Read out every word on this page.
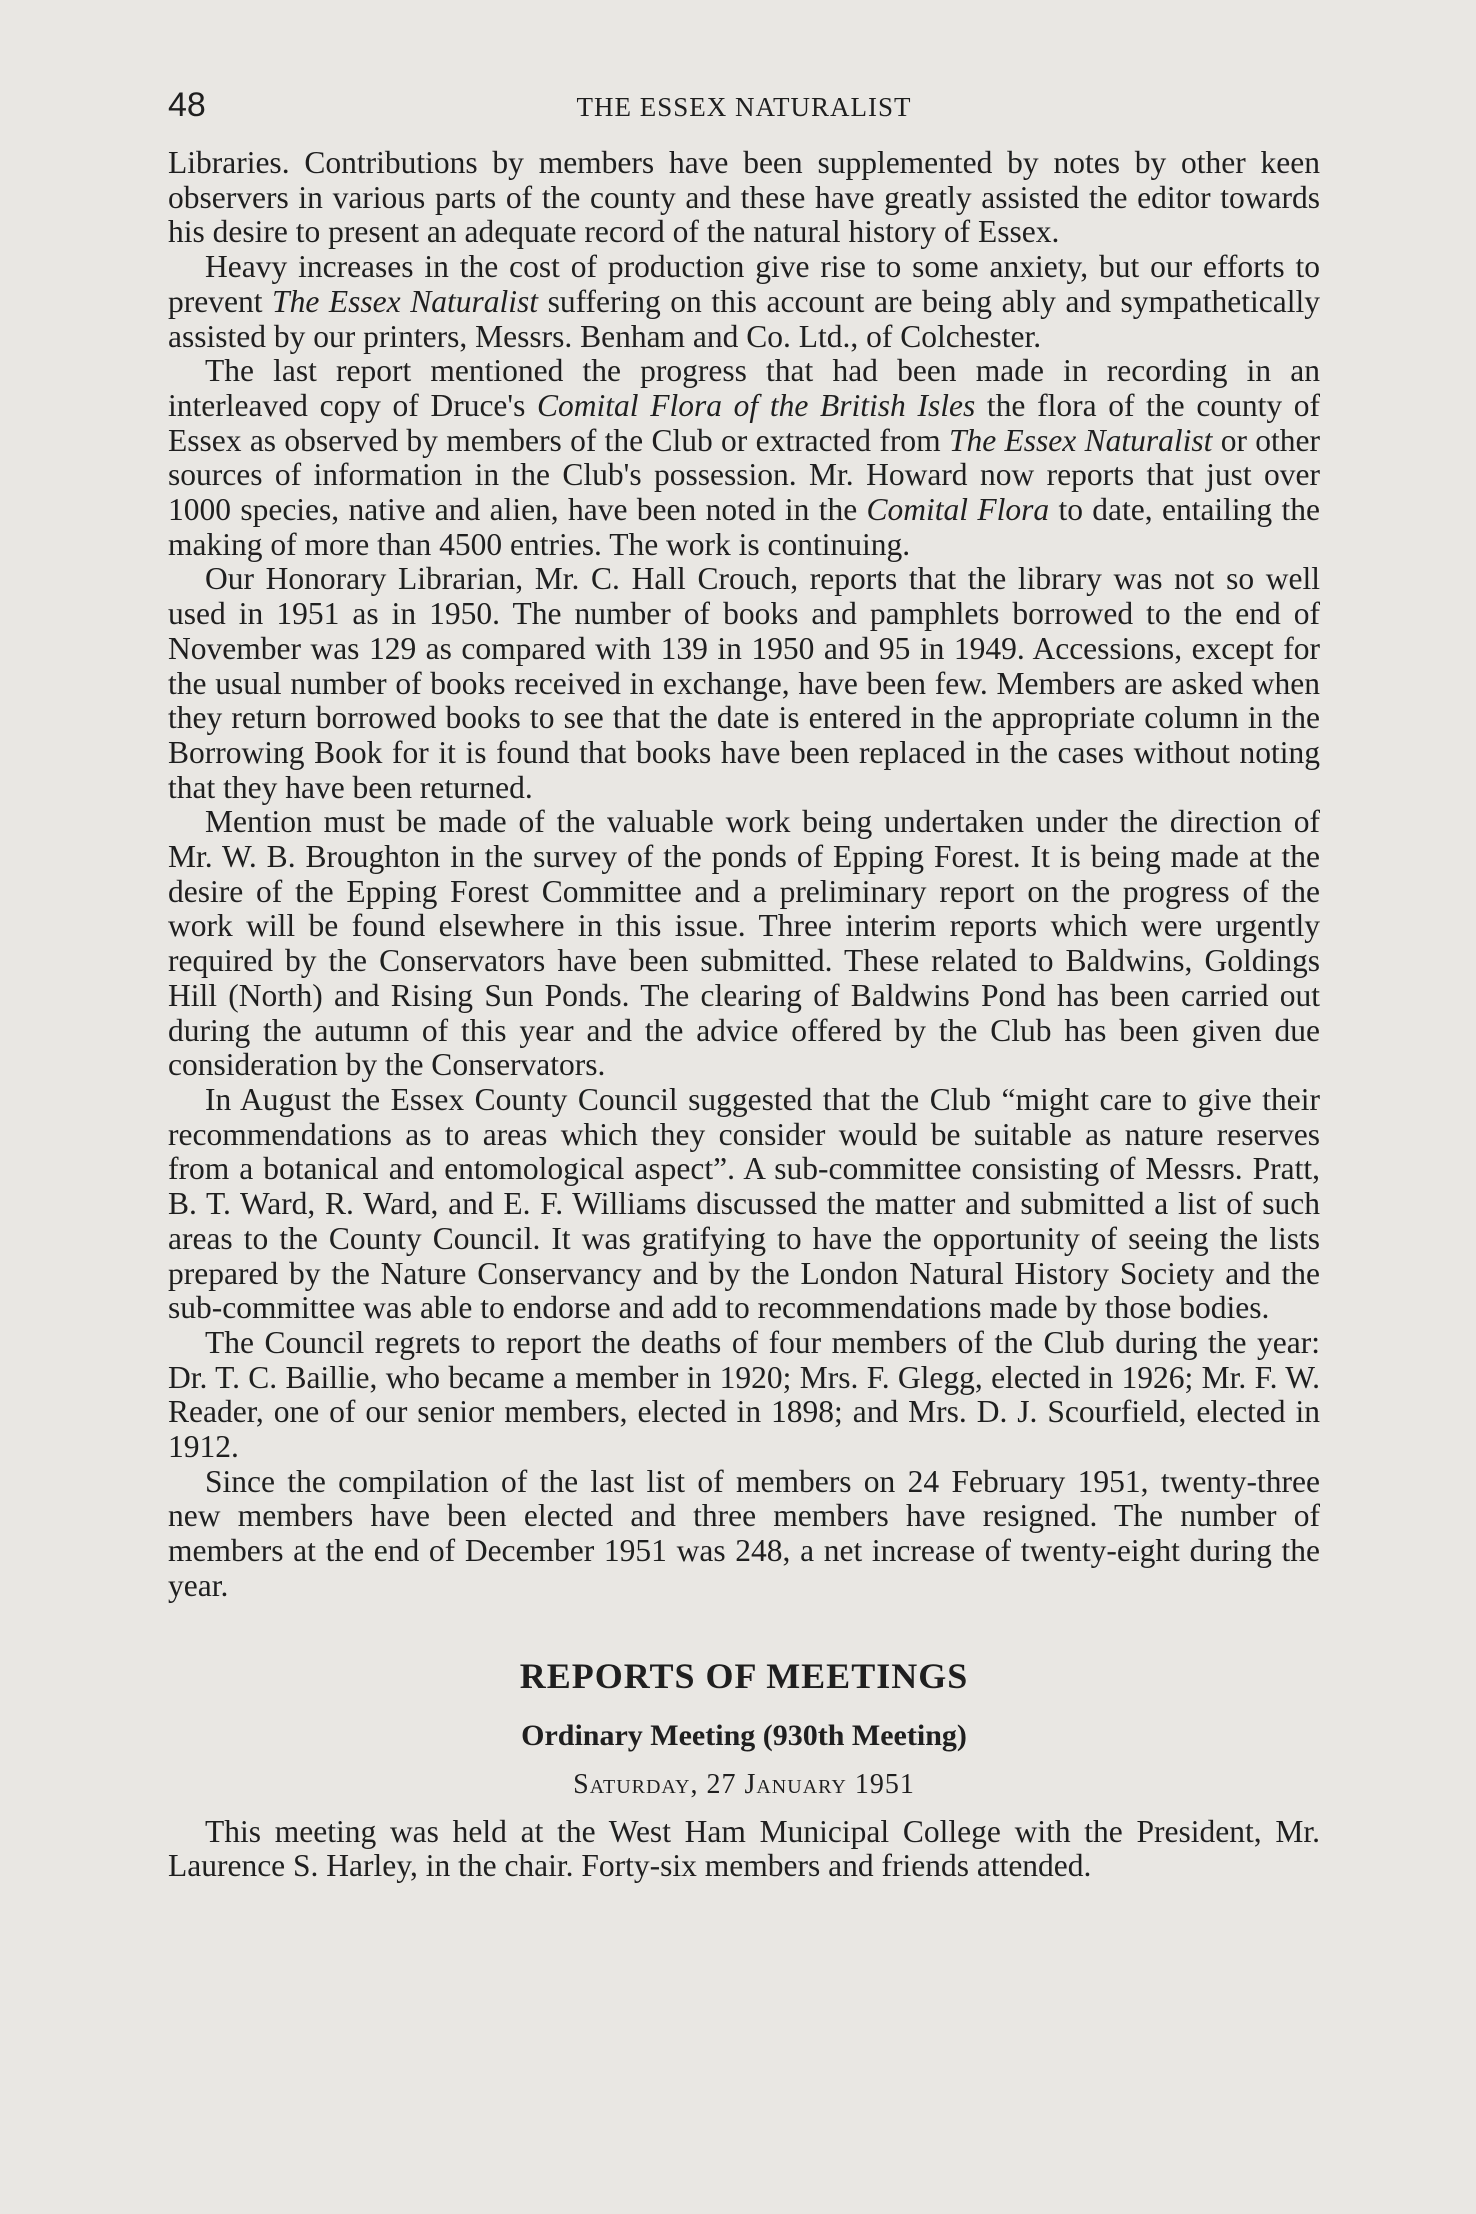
48	THE ESSEX NATURALIST

Libraries. Contributions by members have been supplemented by notes by other keen observers in various parts of the county and these have greatly assisted the editor towards his desire to present an adequate record of the natural history of Essex.

Heavy increases in the cost of production give rise to some anxiety, but our efforts to prevent The Essex Naturalist suffering on this account are being ably and sympathetically assisted by our printers, Messrs. Benham and Co. Ltd., of Colchester.

The last report mentioned the progress that had been made in recording in an interleaved copy of Druce's Comital Flora of the British Isles the flora of the county of Essex as observed by members of the Club or extracted from The Essex Naturalist or other sources of information in the Club's possession. Mr. Howard now reports that just over 1000 species, native and alien, have been noted in the Comital Flora to date, entailing the making of more than 4500 entries. The work is continuing.

Our Honorary Librarian, Mr. C. Hall Crouch, reports that the library was not so well used in 1951 as in 1950. The number of books and pamphlets borrowed to the end of November was 129 as compared with 139 in 1950 and 95 in 1949. Accessions, except for the usual number of books received in exchange, have been few. Members are asked when they return borrowed books to see that the date is entered in the appropriate column in the Borrowing Book for it is found that books have been replaced in the cases without noting that they have been returned.

Mention must be made of the valuable work being undertaken under the direction of Mr. W. B. Broughton in the survey of the ponds of Epping Forest. It is being made at the desire of the Epping Forest Committee and a preliminary report on the progress of the work will be found elsewhere in this issue. Three interim reports which were urgently required by the Conservators have been submitted. These related to Baldwins, Goldings Hill (North) and Rising Sun Ponds. The clearing of Baldwins Pond has been carried out during the autumn of this year and the advice offered by the Club has been given due consideration by the Conservators.

In August the Essex County Council suggested that the Club “might care to give their recommendations as to areas which they consider would be suitable as nature reserves from a botanical and entomological aspect”. A sub-committee consisting of Messrs. Pratt, B. T. Ward, R. Ward, and E. F. Williams discussed the matter and submitted a list of such areas to the County Council. It was gratifying to have the opportunity of seeing the lists prepared by the Nature Conservancy and by the London Natural History Society and the sub-committee was able to endorse and add to recommendations made by those bodies.

The Council regrets to report the deaths of four members of the Club during the year: Dr. T. C. Baillie, who became a member in 1920; Mrs. F. Glegg, elected in 1926; Mr. F. W. Reader, one of our senior members, elected in 1898; and Mrs. D. J. Scourfield, elected in 1912.

Since the compilation of the last list of members on 24 February 1951, twenty-three new members have been elected and three members have resigned. The number of members at the end of December 1951 was 248, a net increase of twenty-eight during the year.

REPORTS OF MEETINGS
Ordinary Meeting (930th Meeting)
Saturday, 27 January 1951

This meeting was held at the West Ham Municipal College with the President, Mr. Laurence S. Harley, in the chair. Forty-six members and friends attended.
